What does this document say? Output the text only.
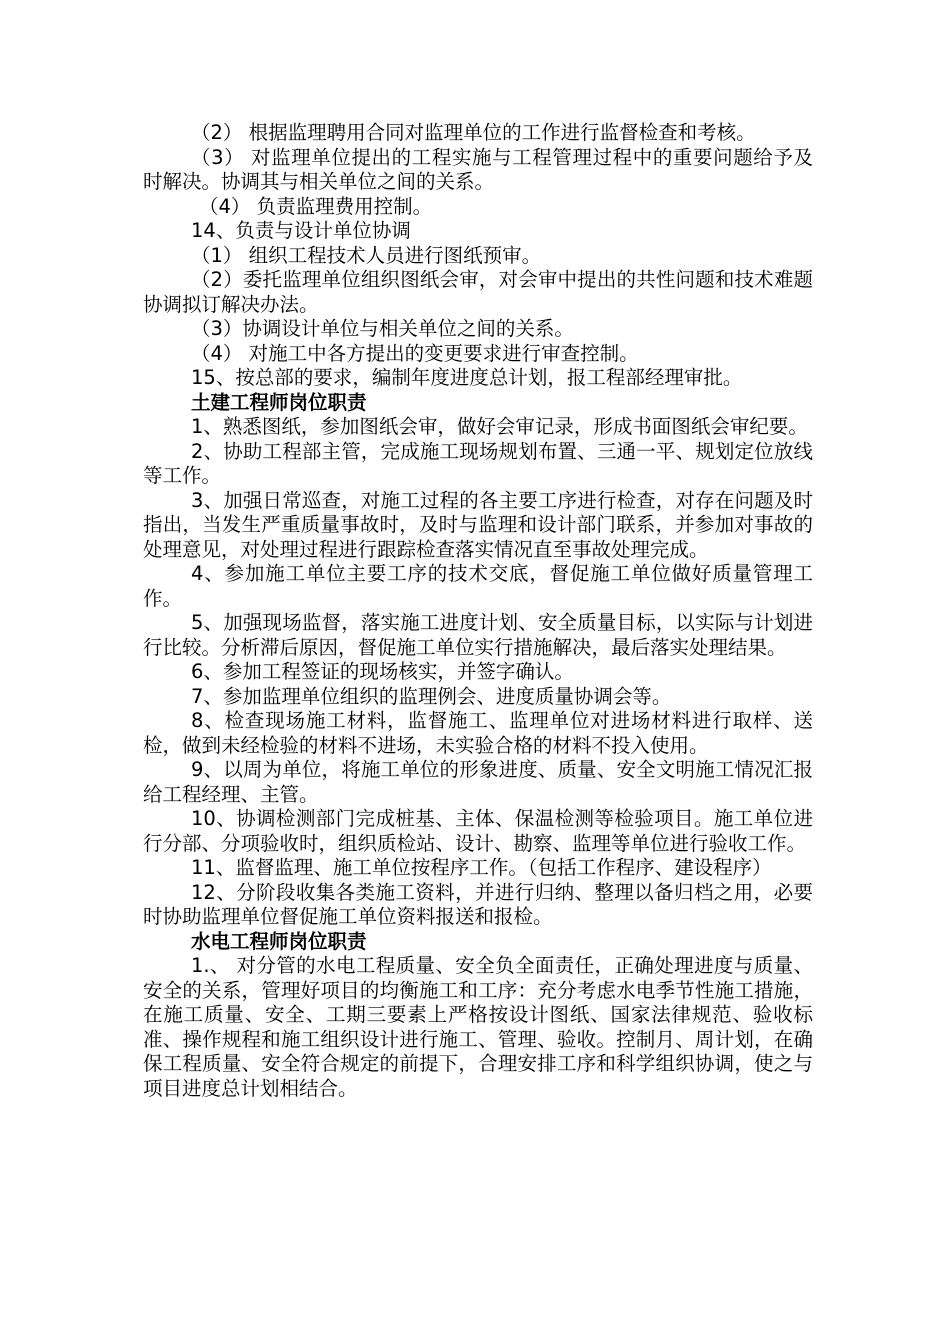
（2） 根据监理聘用合同对监理单位的工作进行监督检查和考核。

（3） 对监理单位提出的工程实施与工程管理过程中的重要问题给予及时解决。协调其与相关单位之间的关系。

（4） 负责监理费用控制。

14、负责与设计单位协调

（1） 组织工程技术人员进行图纸预审。

（2）委托监理单位组织图纸会审，对会审中提出的共性问题和技术难题协调拟订解决办法。

（3）协调设计单位与相关单位之间的关系。

（4） 对施工中各方提出的变更要求进行审查控制。

15、按总部的要求，编制年度进度总计划，报工程部经理审批。

土建工程师岗位职责

1、熟悉图纸，参加图纸会审，做好会审记录，形成书面图纸会审纪要。

2、协助工程部主管，完成施工现场规划布置、三通一平、规划定位放线等工作。

3、加强日常巡查，对施工过程的各主要工序进行检查，对存在问题及时指出，当发生严重质量事故时，及时与监理和设计部门联系，并参加对事故的处理意见，对处理过程进行跟踪检查落实情况直至事故处理完成。

4、参加施工单位主要工序的技术交底，督促施工单位做好质量管理工作。

5、加强现场监督，落实施工进度计划、安全质量目标，以实际与计划进行比较。分析滞后原因，督促施工单位实行措施解决，最后落实处理结果。

6、参加工程签证的现场核实，并签字确认。

7、参加监理单位组织的监理例会、进度质量协调会等。

8、检查现场施工材料，监督施工、监理单位对进场材料进行取样、送检，做到未经检验的材料不进场，未实验合格的材料不投入使用。

9、以周为单位，将施工单位的形象进度、质量、安全文明施工情况汇报给工程经理、主管。

10、协调检测部门完成桩基、主体、保温检测等检验项目。施工单位进行分部、分项验收时，组织质检站、设计、勘察、监理等单位进行验收工作。

11、监督监理、施工单位按程序工作。（包括工作程序、建设程序）

12、分阶段收集各类施工资料，并进行归纳、整理以备归档之用，必要时协助监理单位督促施工单位资料报送和报检。

水电工程师岗位职责

1.、 对分管的水电工程质量、安全负全面责任，正确处理进度与质量、安全的关系，管理好项目的均衡施工和工序：充分考虑水电季节性施工措施，在施工质量、安全、工期三要素上严格按设计图纸、国家法律规范、验收标准、操作规程和施工组织设计进行施工、管理、验收。控制月、周计划，在确保工程质量、安全符合规定的前提下，合理安排工序和科学组织协调，使之与项目进度总计划相结合。
